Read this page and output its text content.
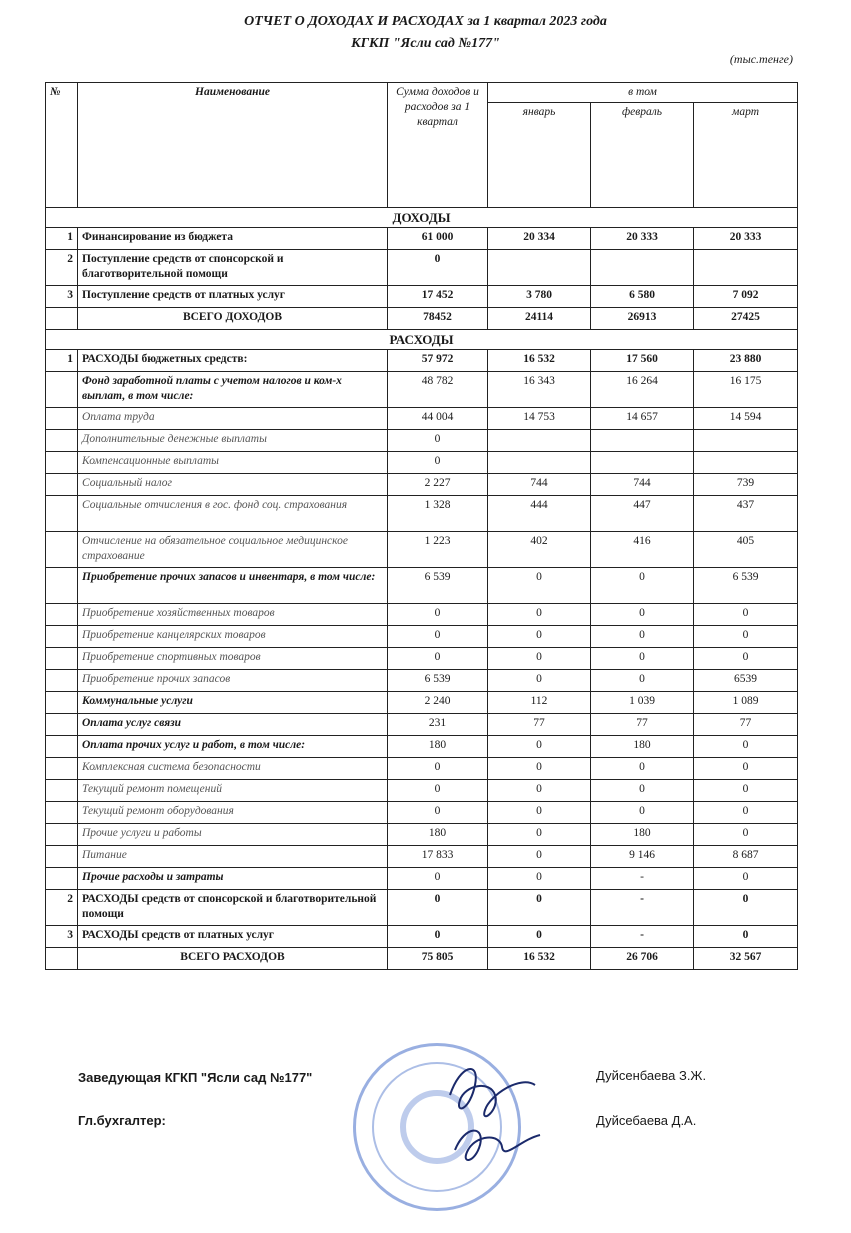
ОТЧЕТ О ДОХОДАХ И РАСХОДАХ за 1 квартал 2023 года
КГКП "Ясли сад №177"
(тыс.тенге)
№	Наименование	Сумма доходов и расходов за 1 квартал	в том		
			январь	февраль	март
ДОХОДЫ					
1	Финансирование из бюджета	61 000	20 334	20 333	20 333
2	Поступление средств от спонсорской и благотворительной помощи	0			
3	Поступление средств от платных услуг	17 452	3 780	6 580	7 092
	ВСЕГО ДОХОДОВ	78452	24114	26913	27425
РАСХОДЫ					
1	РАСХОДЫ бюджетных средств:	57 972	16 532	17 560	23 880
	Фонд заработной платы с учетом налогов и ком-х выплат, в том числе:	48 782	16 343	16 264	16 175
	Оплата труда	44 004	14 753	14 657	14 594
	Дополнительные денежные выплаты	0			
	Компенсационные выплаты	0			
	Социальный налог	2 227	744	744	739
	Социальные отчисления в гос. фонд соц. страхования	1 328	444	447	437
	Отчисление на обязательное социальное медицинское страхование	1 223	402	416	405
	Приобретение прочих запасов и инвентаря, в том числе:	6 539	0	0	6 539
	Приобретение хозяйственных товаров	0	0	0	0
	Приобретение канцелярских товаров	0	0	0	0
	Приобретение спортивных товаров	0	0	0	0
	Приобретение прочих запасов	6 539	0	0	6539
	Коммунальные услуги	2 240	112	1 039	1 089
	Оплата услуг связи	231	77	77	77
	Оплата прочих услуг и работ, в том числе:	180	0	180	0
	Комплексная система безопасности	0	0	0	0
	Текущий ремонт помещений	0	0	0	0
	Текущий ремонт оборудования	0	0	0	0
	Прочие услуги и работы	180	0	180	0
	Питание	17 833	0	9 146	8 687
	Прочие расходы и затраты	0	0	-	0
2	РАСХОДЫ средств от спонсорской и благотворительной помощи	0	0	-	0
3	РАСХОДЫ средств от платных услуг	0	0	-	0
	ВСЕГО РАСХОДОВ	75 805	16 532	26 706	32 567
Заведующая КГКП "Ясли сад №177"	Дуйсенбаева З.Ж.
Гл.бухгалтер:	Дуйсебаева Д.А.
